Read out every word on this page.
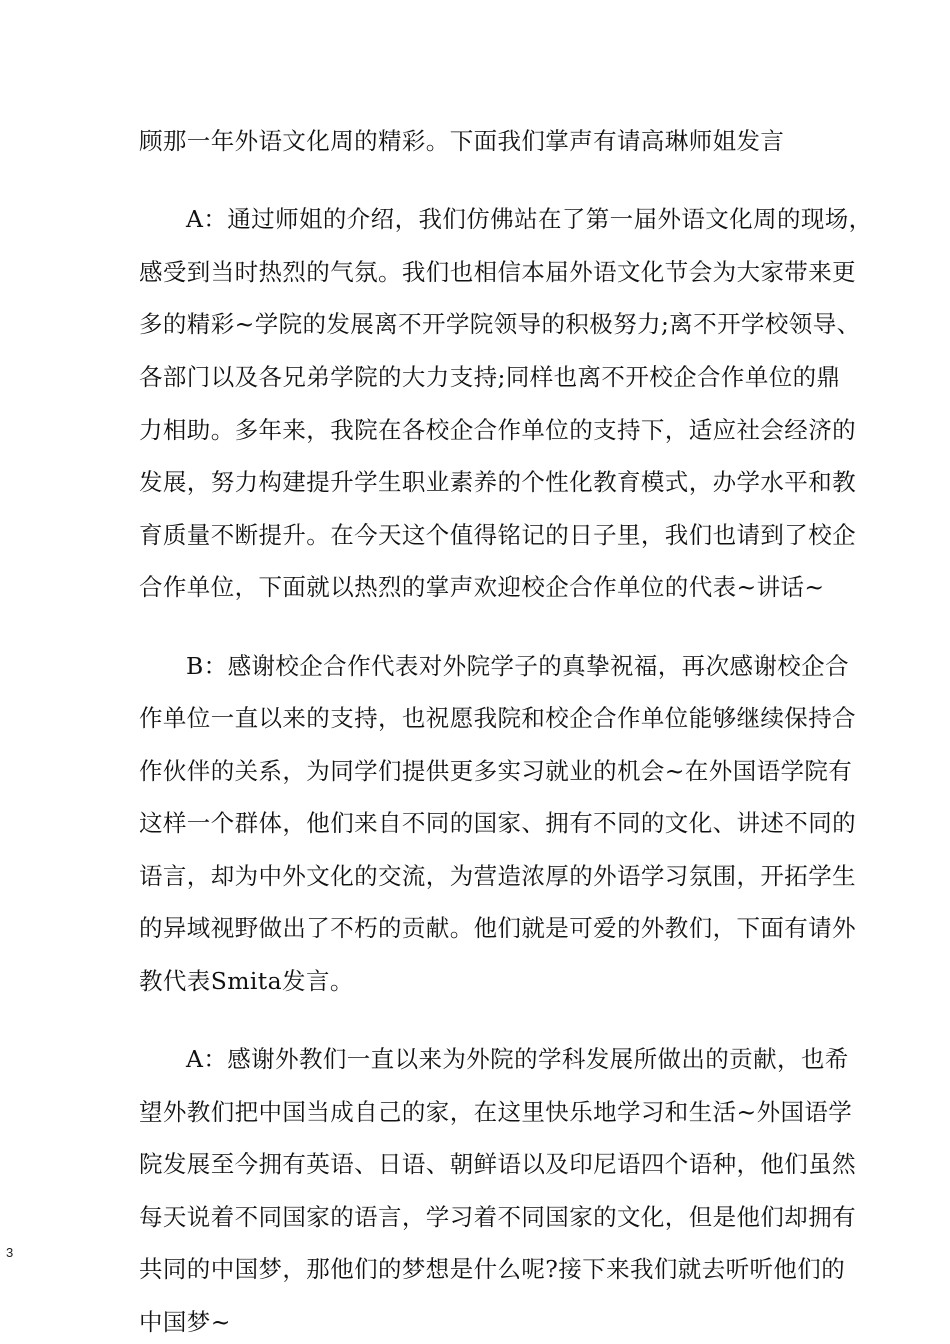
顾那一年外语文化周的精彩。下面我们掌声有请高琳师姐发言
A：通过师姐的介绍，我们仿佛站在了第一届外语文化周的现场，
感受到当时热烈的气氛。我们也相信本届外语文化节会为大家带来更
多的精彩~学院的发展离不开学院领导的积极努力;离不开学校领导、
各部门以及各兄弟学院的大力支持;同样也离不开校企合作单位的鼎
力相助。多年来，我院在各校企合作单位的支持下，适应社会经济的
发展，努力构建提升学生职业素养的个性化教育模式，办学水平和教
育质量不断提升。在今天这个值得铭记的日子里，我们也请到了校企
合作单位，下面就以热烈的掌声欢迎校企合作单位的代表~讲话~
B：感谢校企合作代表对外院学子的真挚祝福，再次感谢校企合
作单位一直以来的支持，也祝愿我院和校企合作单位能够继续保持合
作伙伴的关系，为同学们提供更多实习就业的机会~在外国语学院有
这样一个群体，他们来自不同的国家、拥有不同的文化、讲述不同的
语言，却为中外文化的交流，为营造浓厚的外语学习氛围，开拓学生
的异域视野做出了不朽的贡献。他们就是可爱的外教们，下面有请外
教代表Smita发言。
A：感谢外教们一直以来为外院的学科发展所做出的贡献，也希
望外教们把中国当成自己的家，在这里快乐地学习和生活~外国语学
院发展至今拥有英语、日语、朝鲜语以及印尼语四个语种，他们虽然
每天说着不同国家的语言，学习着不同国家的文化，但是他们却拥有
共同的中国梦，那他们的梦想是什么呢?接下来我们就去听听他们的
中国梦~
3
